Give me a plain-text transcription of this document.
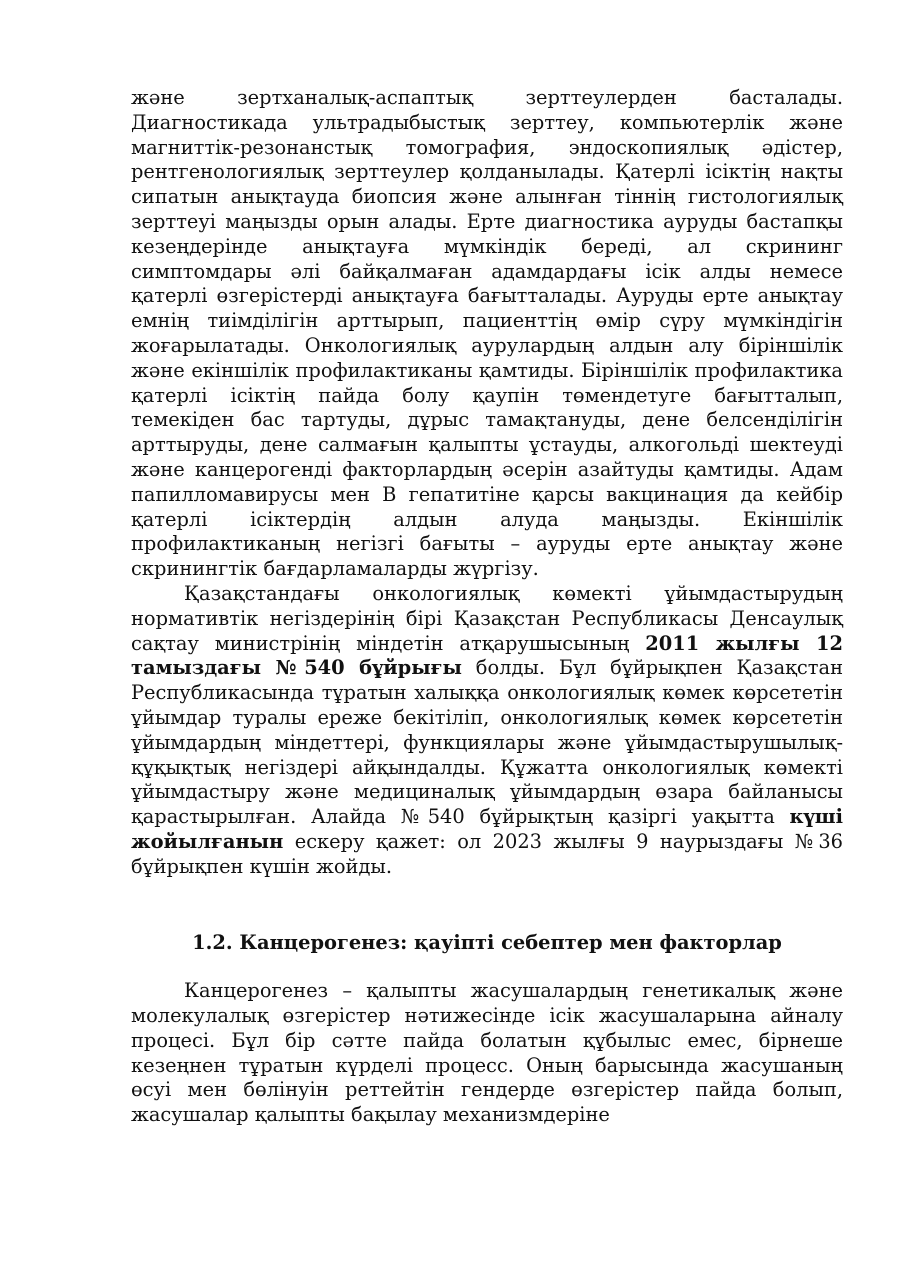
және зертханалық-аспаптық зерттеулерден басталады. Диагностикада ультрадыбыстық зерттеу, компьютерлік және магниттік-резонанстық томография, эндоскопиялық әдістер, рентгенологиялық зерттеулер қолданылады. Қатерлі ісіктің нақты сипатын анықтауда биопсия және алынған тіннің гистологиялық зерттеуі маңызды орын алады. Ерте диагностика ауруды бастапқы кезеңдерінде анықтауға мүмкіндік береді, ал скрининг симптомдары әлі байқалмаған адамдардағы ісік алды немесе қатерлі өзгерістерді анықтауға бағытталады. Ауруды ерте анықтау емнің тиімділігін арттырып, пациенттің өмір сүру мүмкіндігін жоғарылатады. Онкологиялық аурулардың алдын алу біріншілік және екіншілік профилактиканы қамтиды. Біріншілік профилактика қатерлі ісіктің пайда болу қаупін төмендетуге бағытталып, темекіден бас тартуды, дұрыс тамақтануды, дене белсенділігін арттыруды, дене салмағын қалыпты ұстауды, алкогольді шектеуді және канцерогенді факторлардың әсерін азайтуды қамтиды. Адам папилломавирусы мен В гепатитіне қарсы вакцинация да кейбір қатерлі ісіктердің алдын алуда маңызды. Екіншілік профилактиканың негізгі бағыты – ауруды ерте анықтау және скринингтік бағдарламаларды жүргізу.

Қазақстандағы онкологиялық көмекті ұйымдастырудың нормативтік негіздерінің бірі Қазақстан Республикасы Денсаулық сақтау министрінің міндетін атқарушысының 2011 жылғы 12 тамыздағы №540 бұйрығы болды. Бұл бұйрықпен Қазақстан Республикасында тұратын халыққа онкологиялық көмек көрсететін ұйымдар туралы ереже бекітіліп, онкологиялық көмек көрсететін ұйымдардың міндеттері, функциялары және ұйымдастырушылық-құқықтық негіздері айқындалды. Құжатта онкологиялық көмекті ұйымдастыру және медициналық ұйымдардың өзара байланысы қарастырылған. Алайда №540 бұйрықтың қазіргі уақытта күші жойылғанын ескеру қажет: ол 2023 жылғы 9 наурыздағы №36 бұйрықпен күшін жойды.

1.2. Канцерогенез: қауіпті себептер мен факторлар

Канцерогенез – қалыпты жасушалардың генетикалық және молекулалық өзгерістер нәтижесінде ісік жасушаларына айналу процесі. Бұл бір сәтте пайда болатын құбылыс емес, бірнеше кезеңнен тұратын күрделі процесс. Оның барысында жасушаның өсуі мен бөлінуін реттейтін гендерде өзгерістер пайда болып, жасушалар қалыпты бақылау механизмдеріне
